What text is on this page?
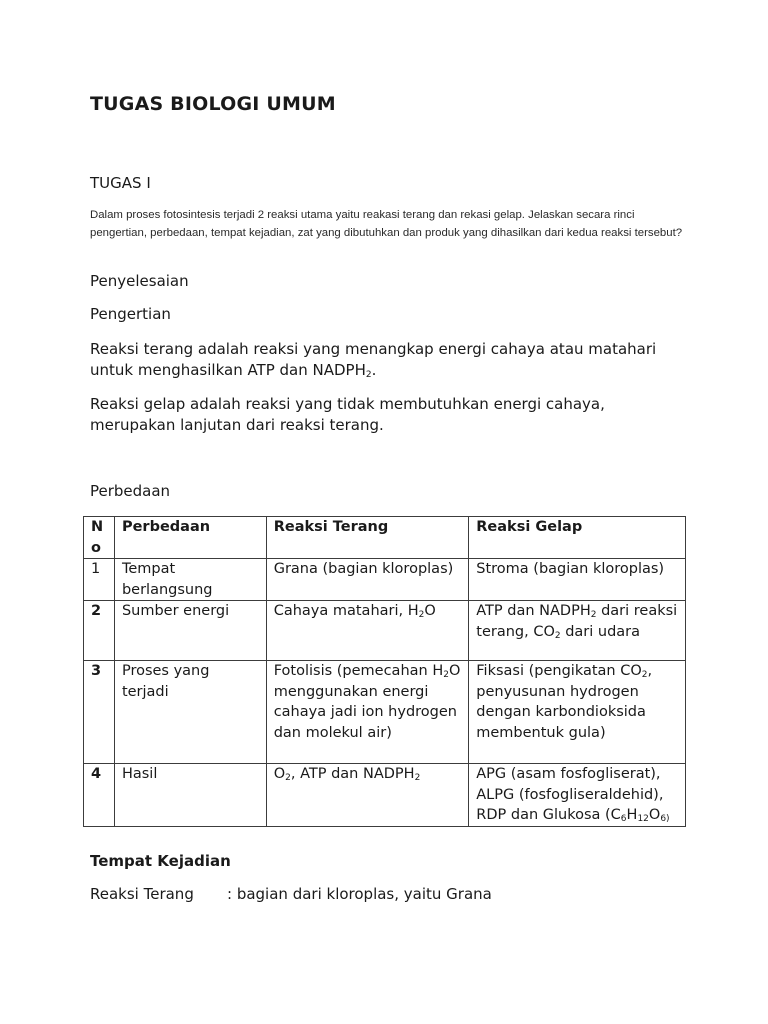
TUGAS BIOLOGI UMUM
TUGAS I
Dalam proses fotosintesis terjadi 2 reaksi utama yaitu reakasi terang dan rekasi gelap. Jelaskan secara rinci pengertian, perbedaan, tempat kejadian, zat yang dibutuhkan dan produk yang dihasilkan dari kedua reaksi tersebut?
Penyelesaian
Pengertian
Reaksi terang adalah reaksi yang menangkap energi cahaya atau matahari untuk menghasilkan ATP dan $NADPH_2$.
Reaksi gelap adalah reaksi yang tidak membutuhkan energi cahaya, merupakan lanjutan dari reaksi terang.
Perbedaan
No	Perbedaan	Reaksi Terang	Reaksi Gelap
1	Tempat berlangsung	Grana (bagian kloroplas)	Stroma (bagian kloroplas)
2	Sumber energi	Cahaya matahari, $H_2O$	ATP dan $NADPH_2$ dari reaksi terang, $CO_2$ dari udara
3	Proses yang terjadi	Fotolisis (pemecahan $H_2O$ menggunakan energi cahaya jadi ion hydrogen dan molekul air)	Fiksasi (pengikatan $CO_2$, penyusunan hydrogen dengan karbondioksida membentuk gula)
4	Hasil	$O_2$, ATP dan $NADPH_2$	APG (asam fosfogliserat), ALPG (fosfogliseraldehid), RDP dan Glukosa ($C_6H_{12}O_{6)}$
Tempat Kejadian
Reaksi Terang : bagian dari kloroplas, yaitu Grana
